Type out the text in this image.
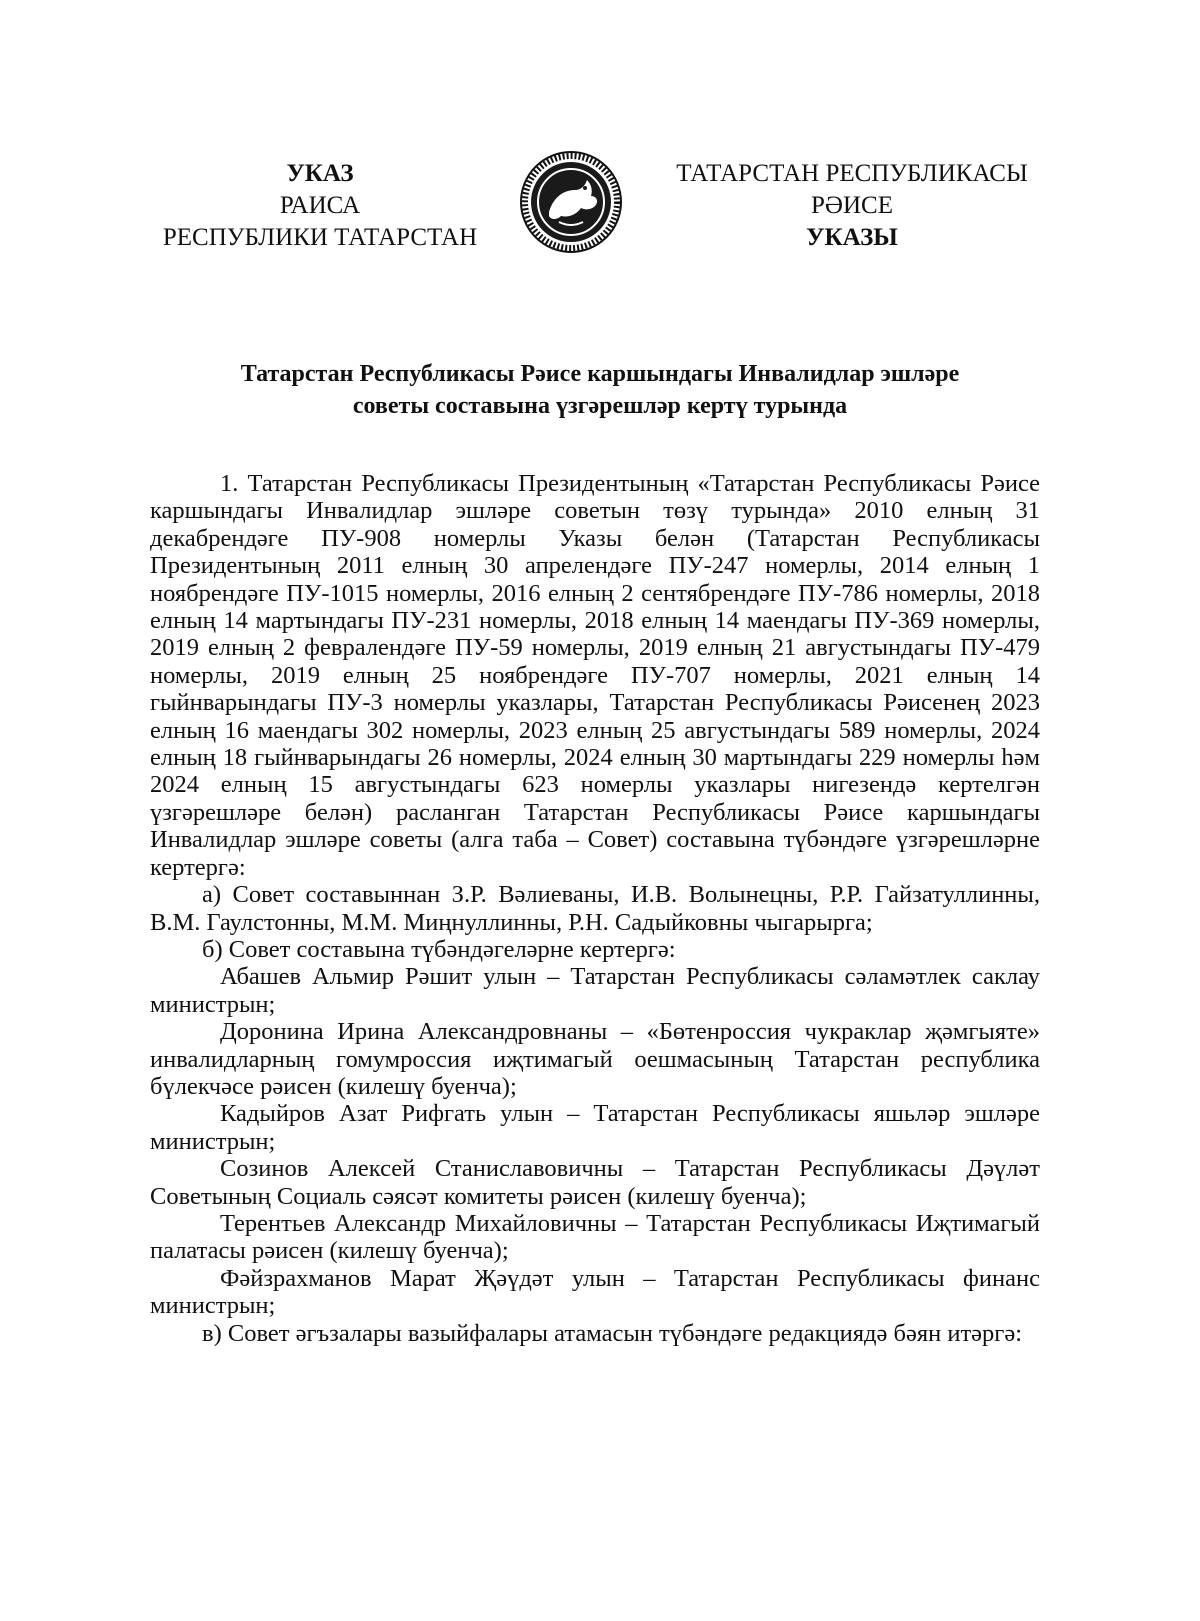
УКАЗ
РАИСА
РЕСПУБЛИКИ ТАТАРСТАН
ТАТАРСТАН РЕСПУБЛИКАСЫ
РӘИСЕ
УКАЗЫ
Татарстан Республикасы Рәисе каршындагы Инвалидлар эшләре
советы составына үзгәрешләр кертү турында

1. Татарстан Республикасы Президентының «Татарстан Республикасы Рәисе каршындагы Инвалидлар эшләре советын төзү турында» 2010 елның 31 декабрендәге ПУ-908 номерлы Указы белән (Татарстан Республикасы Президентының 2011 елның 30 апрелендәге ПУ-247 номерлы, 2014 елның 1 ноябрендәге ПУ-1015 номерлы, 2016 елның 2 сентябрендәге ПУ-786 номерлы, 2018 елның 14 мартындагы ПУ-231 номерлы, 2018 елның 14 маендагы ПУ-369 номерлы, 2019 елның 2 февралендәге ПУ-59 номерлы, 2019 елның 21 августындагы ПУ-479 номерлы, 2019 елның 25 ноябрендәге ПУ-707 номерлы, 2021 елның 14 гыйнварындагы ПУ-3 номерлы указлары, Татарстан Республикасы Рәисенең 2023 елның 16 маендагы 302 номерлы, 2023 елның 25 августындагы 589 номерлы, 2024 елның 18 гыйнварындагы 26 номерлы, 2024 елның 30 мартындагы 229 номерлы һәм 2024 елның 15 августындагы 623 номерлы указлары нигезендә кертелгән үзгәрешләре белән) расланган Татарстан Республикасы Рәисе каршындагы Инвалидлар эшләре советы (алга таба – Совет) составына түбәндәге үзгәрешләрне кертергә:

а) Совет составыннан З.Р. Вәлиеваны, И.В. Волынецны, Р.Р. Гайзатуллинны, В.М. Гаулстонны, М.М. Миңнуллинны, Р.Н. Садыйковны чыгарырга;

б) Совет составына түбәндәгеләрне кертергә:

Абашев Альмир Рәшит улын – Татарстан Республикасы сәламәтлек саклау министрын;

Доронина Ирина Александровнаны – «Бөтенроссия чукраклар җәмгыяте» инвалидларның гомумроссия иҗтимагый оешмасының Татарстан республика бүлекчәсе рәисен (килешү буенча);

Кадыйров Азат Рифгать улын – Татарстан Республикасы яшьләр эшләре министрын;

Созинов Алексей Станиславовичны – Татарстан Республикасы Дәүләт Советының Социаль сәясәт комитеты рәисен (килешү буенча);

Терентьев Александр Михайловичны – Татарстан Республикасы Иҗтимагый палатасы рәисен (килешү буенча);

Фәйзрахманов Марат Җәүдәт улын – Татарстан Республикасы финанс министрын;

в) Совет әгъзалары вазыйфалары атамасын түбәндәге редакциядә бәян итәргә:
